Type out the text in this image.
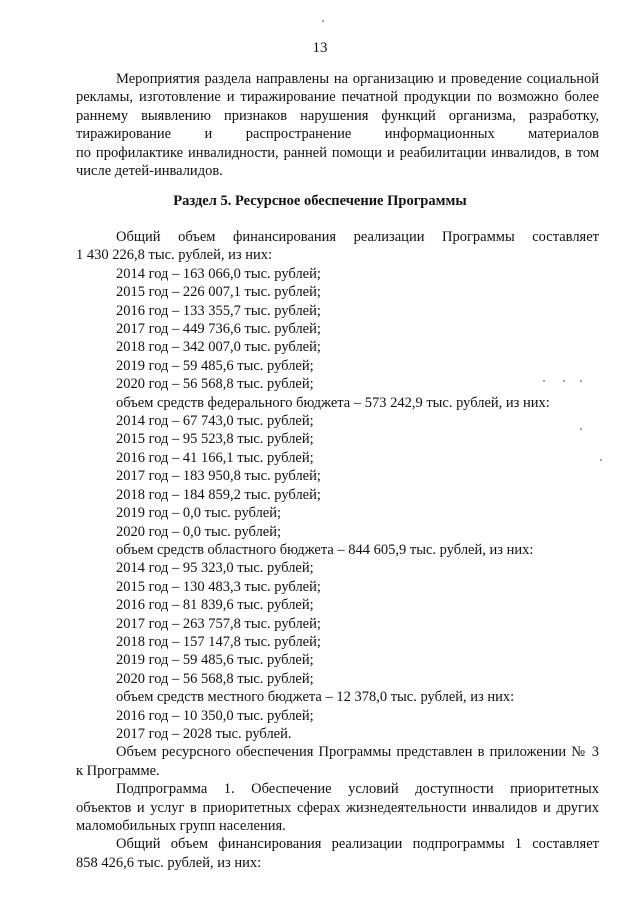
13

Мероприятия раздела направлены на организацию и проведение социальной

рекламы, изготовление и тиражирование печатной продукции по возможно более

раннему выявлению признаков нарушения функций организма, разработку,

тиражирование и распространение информационных материалов

по профилактике инвалидности, ранней помощи и реабилитации инвалидов, в том

числе детей-инвалидов.

Раздел 5. Ресурсное обеспечение Программы

Общий объем финансирования реализации Программы составляет

1 430 226,8 тыс. рублей, из них:

2014 год – 163 066,0 тыс. рублей;

2015 год – 226 007,1 тыс. рублей;

2016 год – 133 355,7 тыс. рублей;

2017 год – 449 736,6 тыс. рублей;

2018 год – 342 007,0 тыс. рублей;

2019 год – 59 485,6 тыс. рублей;

2020 год – 56 568,8 тыс. рублей;

объем средств федерального бюджета – 573 242,9 тыс. рублей, из них:

2014 год – 67 743,0 тыс. рублей;

2015 год – 95 523,8 тыс. рублей;

2016 год – 41 166,1 тыс. рублей;

2017 год – 183 950,8 тыс. рублей;

2018 год – 184 859,2 тыс. рублей;

2019 год – 0,0 тыс. рублей;

2020 год – 0,0 тыс. рублей;

объем средств областного бюджета – 844 605,9 тыс. рублей, из них:

2014 год – 95 323,0 тыс. рублей;

2015 год – 130 483,3 тыс. рублей;

2016 год – 81 839,6 тыс. рублей;

2017 год – 263 757,8 тыс. рублей;

2018 год – 157 147,8 тыс. рублей;

2019 год – 59 485,6 тыс. рублей;

2020 год – 56 568,8 тыс. рублей;

объем средств местного бюджета – 12 378,0 тыс. рублей, из них:

2016 год – 10 350,0 тыс. рублей;

2017 год – 2028 тыс. рублей.

Объем ресурсного обеспечения Программы представлен в приложении № 3

к Программе.

Подпрограмма 1. Обеспечение условий доступности приоритетных

объектов и услуг в приоритетных сферах жизнедеятельности инвалидов и других

маломобильных групп населения.

Общий объем финансирования реализации подпрограммы 1 составляет

858 426,6 тыс. рублей, из них:
